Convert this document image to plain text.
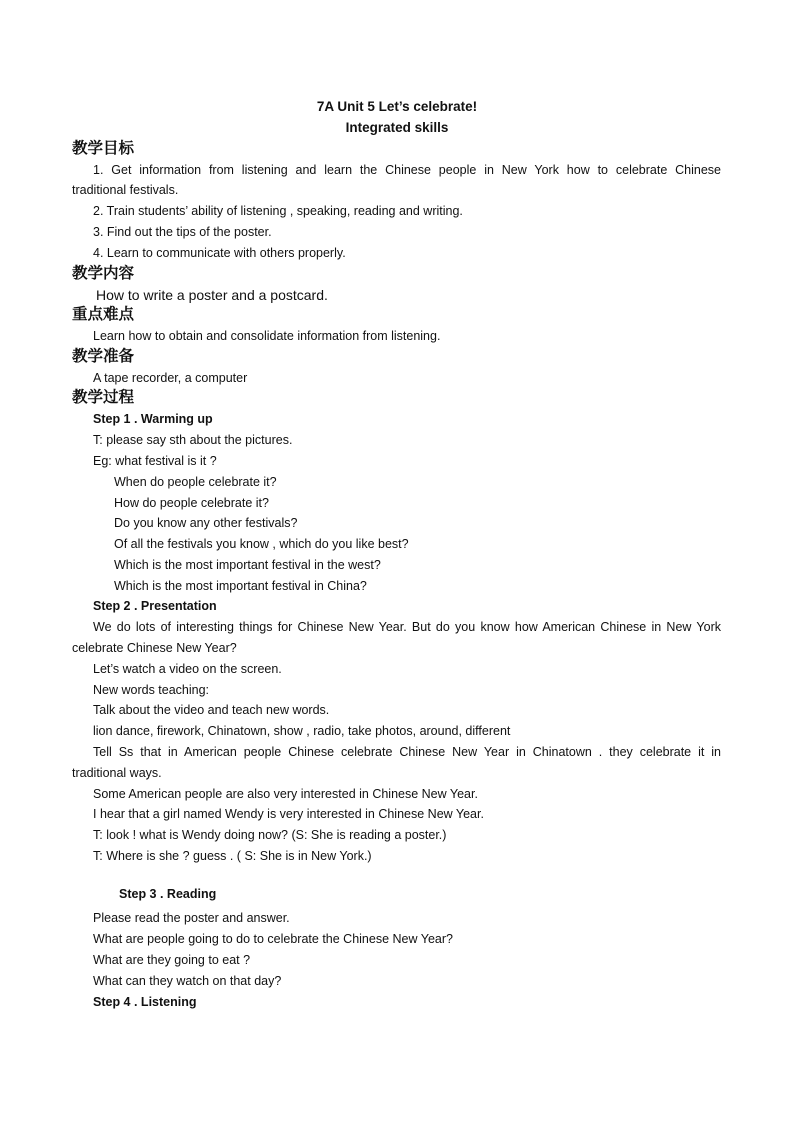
7A Unit 5 Let’s celebrate!
Integrated skills
教学目标
1. Get information from listening and learn the Chinese people in New York how to celebrate Chinese
traditional festivals.
2. Train students’ ability of listening , speaking, reading and writing.
3. Find out the tips of the poster.
4. Learn to communicate with others properly.
教学内容
How to write a poster and a postcard.
重点难点
Learn how to obtain and consolidate information from listening.
教学准备
A tape recorder, a computer
教学过程
Step 1 . Warming up
T: please say sth about the pictures.
Eg: what festival is it ?
When do people celebrate it?
How do people celebrate it?
Do you know any other festivals?
Of all the festivals you know , which do you like best?
Which is the most important festival in the west?
Which is the most important festival in China?
Step 2 . Presentation
We do lots of interesting things for Chinese New Year. But do you know how American Chinese in New York
celebrate Chinese New Year?
Let’s watch a video on the screen.
New words teaching:
Talk about the video and teach new words.
lion dance, firework, Chinatown, show , radio, take photos, around, different
Tell Ss that in American people Chinese celebrate Chinese New Year in Chinatown . they celebrate it in
traditional ways.
Some American people are also very interested in Chinese New Year.
I hear that a girl named Wendy is very interested in Chinese New Year.
T: look ! what is Wendy doing now? (S: She is reading a poster.)
T: Where is she ? guess . ( S: She is in New York.)
Step 3 . Reading
Please read the poster and answer.
What are people going to do to celebrate the Chinese New Year?
What are they going to eat ?
What can they watch on that day?
Step 4 . Listening
